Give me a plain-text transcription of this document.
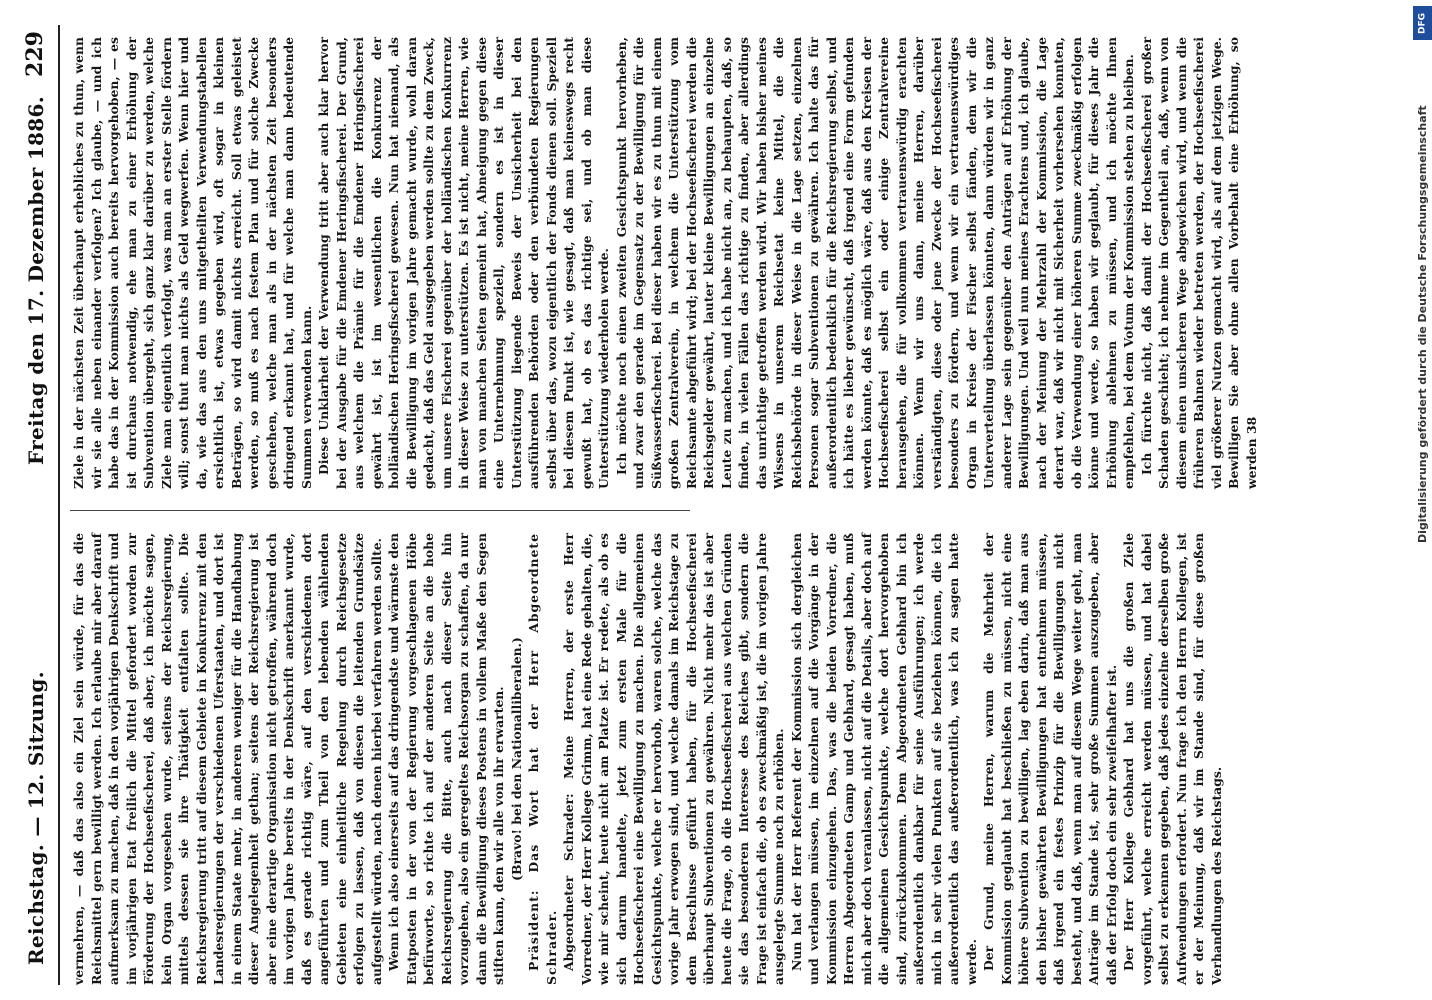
Reichstag. — 12. Sitzung.
Freitag den 17. Dezember 1886.
229

vermehren, — daß das also ein Ziel sein würde, für das die Reichsmittel gern bewilligt werden. Ich erlaube mir aber darauf aufmerksam zu machen, daß in den vorjährigen Denkschrift und im vorjährigen Etat freilich die Mittel gefordert worden zur Förderung der Hochseefischerei, daß aber, ich möchte sagen, kein Organ vorgesehen wurde, seitens der Reichsregierung, mittels dessen sie ihre Thätigkeit entfalten sollte. Die Reichsregierung tritt auf diesem Gebiete in Konkurrenz mit den Landesregierungen der verschiedenen Uferstaaten, und dort ist in einem Staate mehr, in anderen weniger für die Handhabung dieser Angelegenheit gethan; seitens der Reichsregierung ist aber eine derartige Organisation nicht getroffen, während doch im vorigen Jahre bereits in der Denkschrift anerkannt wurde, daß es gerade richtig wäre, auf den verschiedenen dort angeführten und zum Theil von den lebenden wählenden Gebieten eine einheitliche Regelung durch Reichsgesetze erfolgen zu lassen, daß von diesen die leitenden Grundsätze aufgestellt würden, nach denen hierbei verfahren werden sollte. Wenn ich also einerseits auf das dringendste und wärmste den Etatposten in der von der Regierung vorgeschlagenen Höhe befürworte, so richte ich auf der anderen Seite an die hohe Reichsregierung die Bitte, auch nach dieser Seite hin vorzugehen, also ein geregeltes Reichsorgan zu schaffen, da nur dann die Bewilligung dieses Postens in vollem Maße den Segen stiften kann, den wir alle von ihr erwarten. (Bravo! bei den Nationalliberalen.) Präsident: Das Wort hat der Herr Abgeordnete Schrader. Abgeordneter Schrader: Meine Herren, der erste Herr Vorredner, der Herr Kollege Grimm, hat eine Rede gehalten, die, wie mir scheint, heute nicht am Platze ist. Er redete, als ob es sich darum handelte, jetzt zum ersten Male für die Hochseefischerei eine Bewilligung zu machen. Die allgemeinen Gesichtspunkte, welche er hervorhob, waren solche, welche das vorige Jahr erwogen sind, und welche damals im Reichstage zu dem Beschlusse geführt haben, für die Hochseefischerei überhaupt Subventionen zu gewähren. Nicht mehr das ist aber heute die Frage, ob die Hochseefischerei aus welchen Gründen sie das besonderen Interesse des Reiches gibt, sondern die Frage ist einfach die, ob es zweckmäßig ist, die im vorigen Jahre ausgelegte Summe noch zu erhöhen. Nun hat der Herr Referent der Kommission sich dergleichen und verlangen müssen, im einzelnen auf die Vorgänge in der Kommission einzugehen. Das, was die beiden Vorredner, die Herren Abgeordneten Gamp und Gebhard, gesagt haben, muß mich aber doch veranlassen, nicht auf die Details, aber doch auf die allgemeinen Gesichtspunkte, welche dort hervorgehoben sind, zurückzukommen. Dem Abgeordneten Gebhard bin ich außerordentlich dankbar für seine Ausführungen; ich werde mich in sehr vielen Punkten auf sie beziehen können, die ich außerordentlich das außerordentlich, was ich zu sagen hatte werde. Der Grund, meine Herren, warum die Mehrheit der Kommission geglaubt hat beschließen zu müssen, nicht eine höhere Subvention zu bewilligen, lag eben darin, daß man aus den bisher gewährten Bewilligungen hat entnehmen müssen, daß irgend ein festes Prinzip für die Bewilligungen nicht besteht, und daß, wenn man auf diesem Wege weiter geht, man Anträge im Stande ist, sehr große Summen auszugeben, aber daß der Erfolg doch ein sehr zweifelhafter ist. Der Herr Kollege Gebhard hat uns die großen Ziele vorgeführt, welche erreicht werden müssen, und hat dabei selbst zu erkennen gegeben, daß jedes einzelne derselben große Aufwendungen erfordert. Nun frage ich den Herrn Kollegen, ist er der Meinung, daß wir im Stande sind, für diese großen Verhandlungen des Reichstags.

Ziele in der nächsten Zeit überhaupt erhebliches zu thun, wenn wir sie alle neben einander verfolgen? Ich glaube, — und ich habe das in der Kommission auch bereits hervorgehoben, — es ist durchaus notwendig, ehe man zu einer Erhöhung der Subvention übergeht, sich ganz klar darüber zu werden, welche Ziele man eigentlich verfolgt, was man an erster Stelle fördern will; sonst thut man nichts als Geld wegwerfen. Wenn hier und da, wie das aus den uns mitgetheilten Verwendungstabellen ersichtlich ist, etwas gegeben wird, oft sogar in kleinen Beträgen, so wird damit nichts erreicht. Soll etwas geleistet werden, so muß es nach festem Plan und für solche Zwecke geschehen, welche man als in der nächsten Zeit besonders dringend erkannt hat, und für welche man dann bedeutende Summen verwenden kann. Diese Unklarheit der Verwendung tritt aber auch klar hervor bei der Ausgabe für die Emdener Heringsfischerei. Der Grund, aus welchem die Prämie für die Emdener Heringsfischerei gewährt ist, ist im wesentlichen die Konkurrenz der holländischen Heringsfischerei gewesen. Nun hat niemand, als die Bewilligung im vorigen Jahre gemacht wurde, wohl daran gedacht, daß das Geld ausgegeben werden sollte zu dem Zweck, um unsere Fischerei gegenüber der holländischen Konkurrenz in dieser Weise zu unterstützen. Es ist nicht, meine Herren, wie man von manchen Seiten gemeint hat, Abneigung gegen diese eine Unternehmung speziell, sondern es ist in dieser Unterstützung liegende Beweis der Unsicherheit bei den ausführenden Behörden oder den verbündeten Regierungen selbst über das, wozu eigentlich der Fonds dienen soll. Speziell bei diesem Punkt ist, wie gesagt, daß man keineswegs recht gewußt hat, ob es das richtige sei, und ob man diese Unterstützung wiederholen werde. Ich möchte noch einen zweiten Gesichtspunkt hervorheben, und zwar den gerade im Gegensatz zu der Bewilligung für die Süßwasserfischerei. Bei dieser haben wir es zu thun mit einem großen Zentralverein, in welchem die Unterstützung vom Reichsamte abgeführt wird; bei der Hochseefischerei werden die Reichsgelder gewährt, lauter kleine Bewilligungen an einzelne Leute zu machen, und ich habe nicht an, zu behaupten, daß, so finden, in vielen Fällen das richtige zu finden, aber allerdings das unrichtige getroffen werden wird. Wir haben bisher meines Wissens in unserem Reichsetat keine Mittel, die die Reichsbehörde in dieser Weise in die Lage setzen, einzelnen Personen sogar Subventionen zu gewähren. Ich halte das für außerordentlich bedenklich für die Reichsregierung selbst, und ich hätte es lieber gewünscht, daß irgend eine Form gefunden werden könnte, daß es möglich wäre, daß aus den Kreisen der Hochseefischerei selbst ein oder einige Zentralvereine herausgehen, die für vollkommen vertrauenswürdig erachten können. Wenn wir uns dann, meine Herren, darüber verständigten, diese oder jene Zwecke der Hochseefischerei besonders zu fördern, und wenn wir ein vertrauenswürdiges Organ in Kreise der Fischer selbst fänden, dem wir die Unterverteilung überlassen könnten, dann würden wir in ganz anderer Lage sein gegenüber den Anträgen auf Erhöhung der Bewilligungen. Und weil nun meines Erachtens und, ich glaube, nach der Meinung der Mehrzahl der Kommission, die Lage derart war, daß wir nicht mit Sicherheit vorhersehen konnten, ob die Verwendung einer höheren Summe zweckmäßig erfolgen könne und werde, so haben wir geglaubt, für dieses Jahr die Erhöhung ablehnen zu müssen, und ich möchte Ihnen empfehlen, bei dem Votum der Kommission stehen zu bleiben. Ich fürchte nicht, daß damit der Hochseefischerei großer Schaden geschieht; ich nehme im Gegentheil an, daß, wenn von diesem einen unsicheren Wege abgewichen wird, und wenn die früheren Bahnen wieder betreten werden, der Hochseefischerei viel größerer Nutzen gemacht wird, als auf dem jetzigen Wege. Bewilligen Sie aber ohne allen Vorbehalt eine Erhöhung, so werden 38

DFG
Digitalisierung gefördert durch die Deutsche Forschungsgemeinschaft
